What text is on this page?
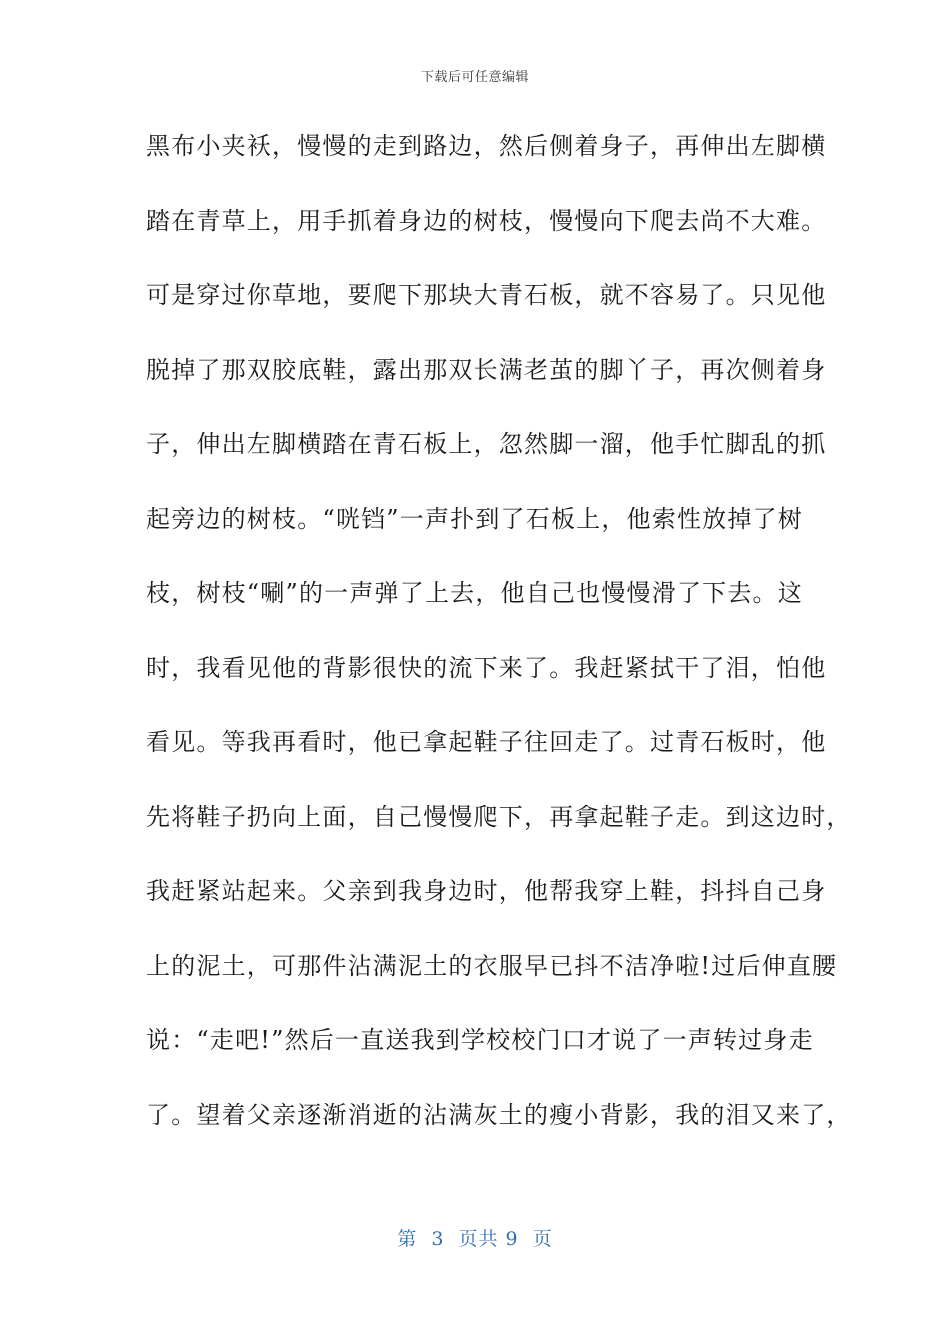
下载后可任意编辑
黑布小夹袄，慢慢的走到路边，然后侧着身子，再伸出左脚横
踏在青草上，用手抓着身边的树枝，慢慢向下爬去尚不大难。
可是穿过你草地，要爬下那块大青石板，就不容易了。只见他
脱掉了那双胶底鞋，露出那双长满老茧的脚丫子，再次侧着身
子，伸出左脚横踏在青石板上，忽然脚一溜，他手忙脚乱的抓
起旁边的树枝。“咣铛”一声扑到了石板上，他索性放掉了树
枝，树枝“唰”的一声弹了上去，他自己也慢慢滑了下去。这
时，我看见他的背影很快的流下来了。我赶紧拭干了泪，怕他
看见。等我再看时，他已拿起鞋子往回走了。过青石板时，他
先将鞋子扔向上面，自己慢慢爬下，再拿起鞋子走。到这边时，
我赶紧站起来。父亲到我身边时，他帮我穿上鞋，抖抖自己身
上的泥土，可那件沾满泥土的衣服早已抖不洁净啦!过后伸直腰
说：“走吧!”然后一直送我到学校校门口才说了一声转过身走
了。望着父亲逐渐消逝的沾满灰土的瘦小背影，我的泪又来了，
第  3  页共 9  页
